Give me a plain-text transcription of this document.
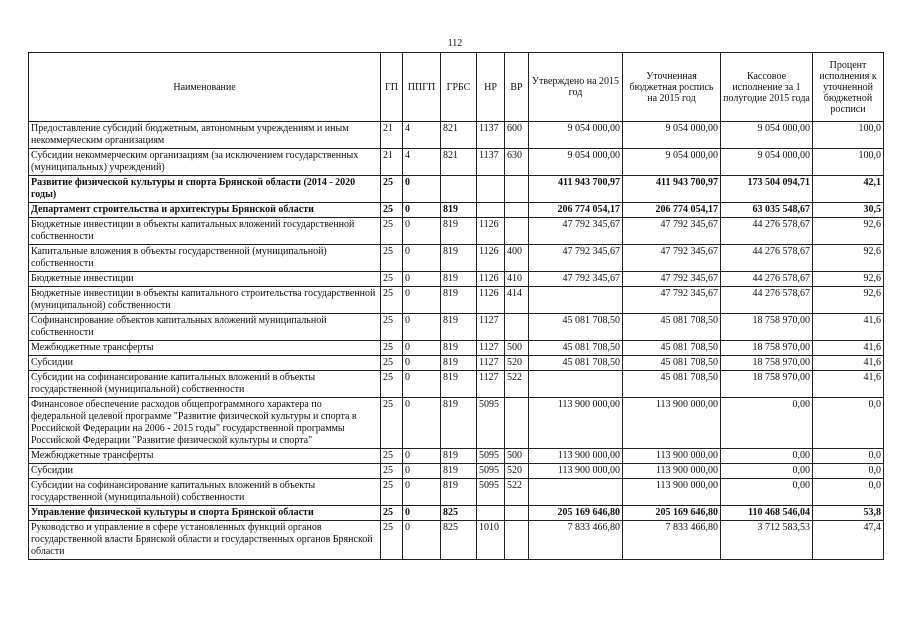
112
Наименование	ГП	ППГП	ГРБС	НР	ВР	Утверждено на 2015 год	Уточненная бюджетная роспись на 2015 год	Кассовое исполнение за 1 полугодие 2015 года	Процент исполнения к уточненной бюджетной росписи
Предоставление субсидий бюджетным, автономным учреждениям и иным некоммерческим организациям	21	4	821	1137	600	9 054 000,00	9 054 000,00	9 054 000,00	100,0
Субсидии некоммерческим организациям (за исключением государственных (муниципальных) учреждений)	21	4	821	1137	630	9 054 000,00	9 054 000,00	9 054 000,00	100,0
Развитие физической культуры и спорта Брянской области (2014 - 2020 годы)	25	0				411 943 700,97	411 943 700,97	173 504 094,71	42,1
Департамент строительства и архитектуры Брянской области	25	0	819			206 774 054,17	206 774 054,17	63 035 548,67	30,5
Бюджетные инвестиции в объекты капитальных вложений государственной собственности	25	0	819	1126		47 792 345,67	47 792 345,67	44 276 578,67	92,6
Капитальные вложения в объекты государственной (муниципальной) собственности	25	0	819	1126	400	47 792 345,67	47 792 345,67	44 276 578,67	92,6
Бюджетные инвестиции	25	0	819	1126	410	47 792 345,67	47 792 345,67	44 276 578,67	92,6
Бюджетные инвестиции в объекты капитального строительства государственной (муниципальной) собственности	25	0	819	1126	414		47 792 345,67	44 276 578,67	92,6
Софинансирование объектов капитальных вложений муниципальной собственности	25	0	819	1127		45 081 708,50	45 081 708,50	18 758 970,00	41,6
Межбюджетные трансферты	25	0	819	1127	500	45 081 708,50	45 081 708,50	18 758 970,00	41,6
Субсидии	25	0	819	1127	520	45 081 708,50	45 081 708,50	18 758 970,00	41,6
Субсидии на софинансирование капитальных вложений в объекты государственной (муниципальной) собственности	25	0	819	1127	522		45 081 708,50	18 758 970,00	41,6
Финансовое обеспечение расходов общепрограммного характера по федеральной целевой программе "Развитие физической культуры и спорта в Российской Федерации на 2006 - 2015 годы" государственной программы Российской Федерации "Развитие физической культуры и спорта"	25	0	819	5095		113 900 000,00	113 900 000,00	0,00	0,0
Межбюджетные трансферты	25	0	819	5095	500	113 900 000,00	113 900 000,00	0,00	0,0
Субсидии	25	0	819	5095	520	113 900 000,00	113 900 000,00	0,00	0,0
Субсидии на софинансирование капитальных вложений в объекты государственной (муниципальной) собственности	25	0	819	5095	522		113 900 000,00	0,00	0,0
Управление физической культуры и спорта Брянской области	25	0	825			205 169 646,80	205 169 646,80	110 468 546,04	53,8
Руководство и управление в сфере установленных функций органов государственной власти Брянской области и государственных органов Брянской области	25	0	825	1010		7 833 466,80	7 833 466,80	3 712 583,53	47,4
